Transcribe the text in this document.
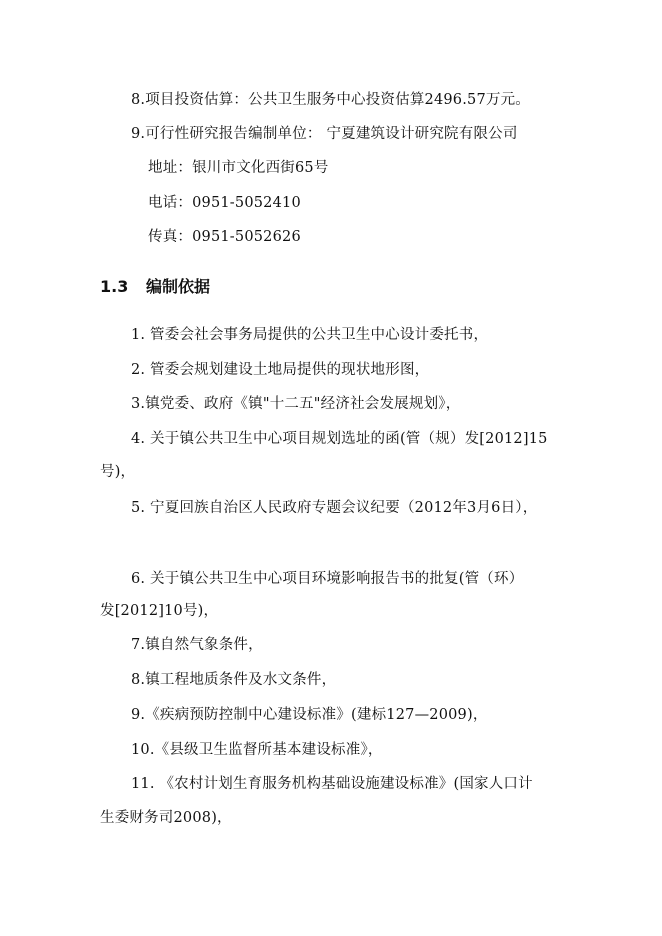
8.项目投资估算：公共卫生服务中心投资估算2496.57万元。
9.可行性研究报告编制单位： 宁夏建筑设计研究院有限公司
地址：银川市文化西街65号
电话：0951-5052410
传真：0951-5052626
1.3 编制依据
1. 管委会社会事务局提供的公共卫生中心设计委托书，
2. 管委会规划建设土地局提供的现状地形图，
3.镇党委、政府《镇"十二五"经济社会发展规划》，
4. 关于镇公共卫生中心项目规划选址的函(管（规）发[2012]15
号)，
5. 宁夏回族自治区人民政府专题会议纪要（2012年3月6日），
6. 关于镇公共卫生中心项目环境影响报告书的批复(管（环）
发[2012]10号)，
7.镇自然气象条件，
8.镇工程地质条件及水文条件，
9.《疾病预防控制中心建设标准》(建标127—2009)，
10.《县级卫生监督所基本建设标准》，
11. 《农村计划生育服务机构基础设施建设标准》(国家人口计
生委财务司2008)，
